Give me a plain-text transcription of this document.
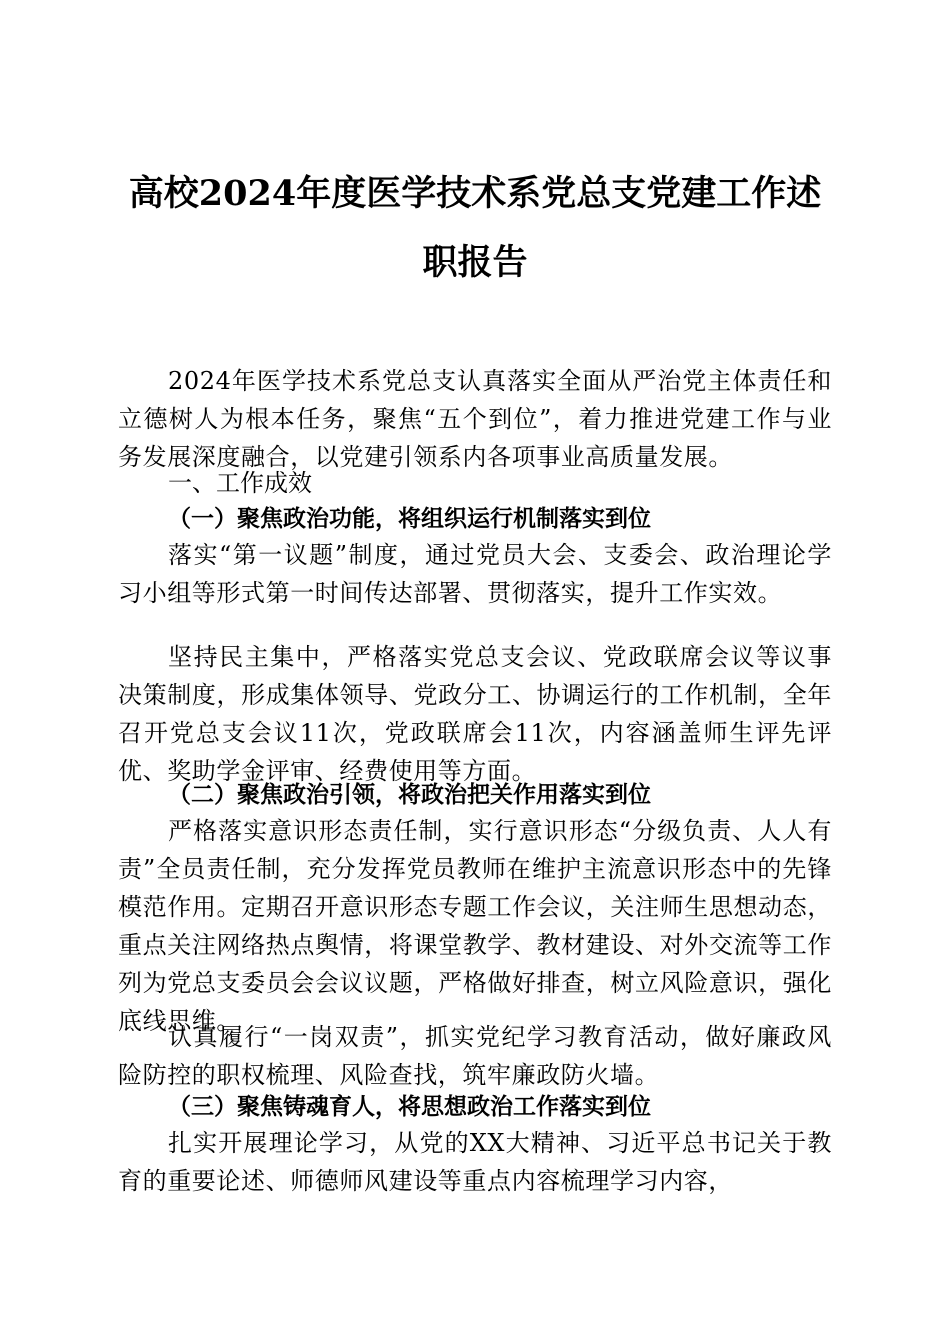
高校2024年度医学技术系党总支党建工作述
职报告

2024年医学技术系党总支认真落实全面从严治党主体责任和立德树人为根本任务，聚焦“五个到位”，着力推进党建工作与业务发展深度融合，以党建引领系内各项事业高质量发展。

一、工作成效
（一）聚焦政治功能，将组织运行机制落实到位

落实“第一议题”制度，通过党员大会、支委会、政治理论学习小组等形式第一时间传达部署、贯彻落实，提升工作实效。

坚持民主集中，严格落实党总支会议、党政联席会议等议事决策制度，形成集体领导、党政分工、协调运行的工作机制，全年召开党总支会议11次，党政联席会11次，内容涵盖师生评先评优、奖助学金评审、经费使用等方面。

（二）聚焦政治引领，将政治把关作用落实到位

严格落实意识形态责任制，实行意识形态“分级负责、人人有责”全员责任制，充分发挥党员教师在维护主流意识形态中的先锋模范作用。定期召开意识形态专题工作会议，关注师生思想动态，重点关注网络热点舆情，将课堂教学、教材建设、对外交流等工作列为党总支委员会会议议题，严格做好排查，树立风险意识，强化底线思维。

认真履行“一岗双责”，抓实党纪学习教育活动，做好廉政风险防控的职权梳理、风险查找，筑牢廉政防火墙。

（三）聚焦铸魂育人，将思想政治工作落实到位

扎实开展理论学习，从党的XX大精神、习近平总书记关于教育的重要论述、师德师风建设等重点内容梳理学习内容，
